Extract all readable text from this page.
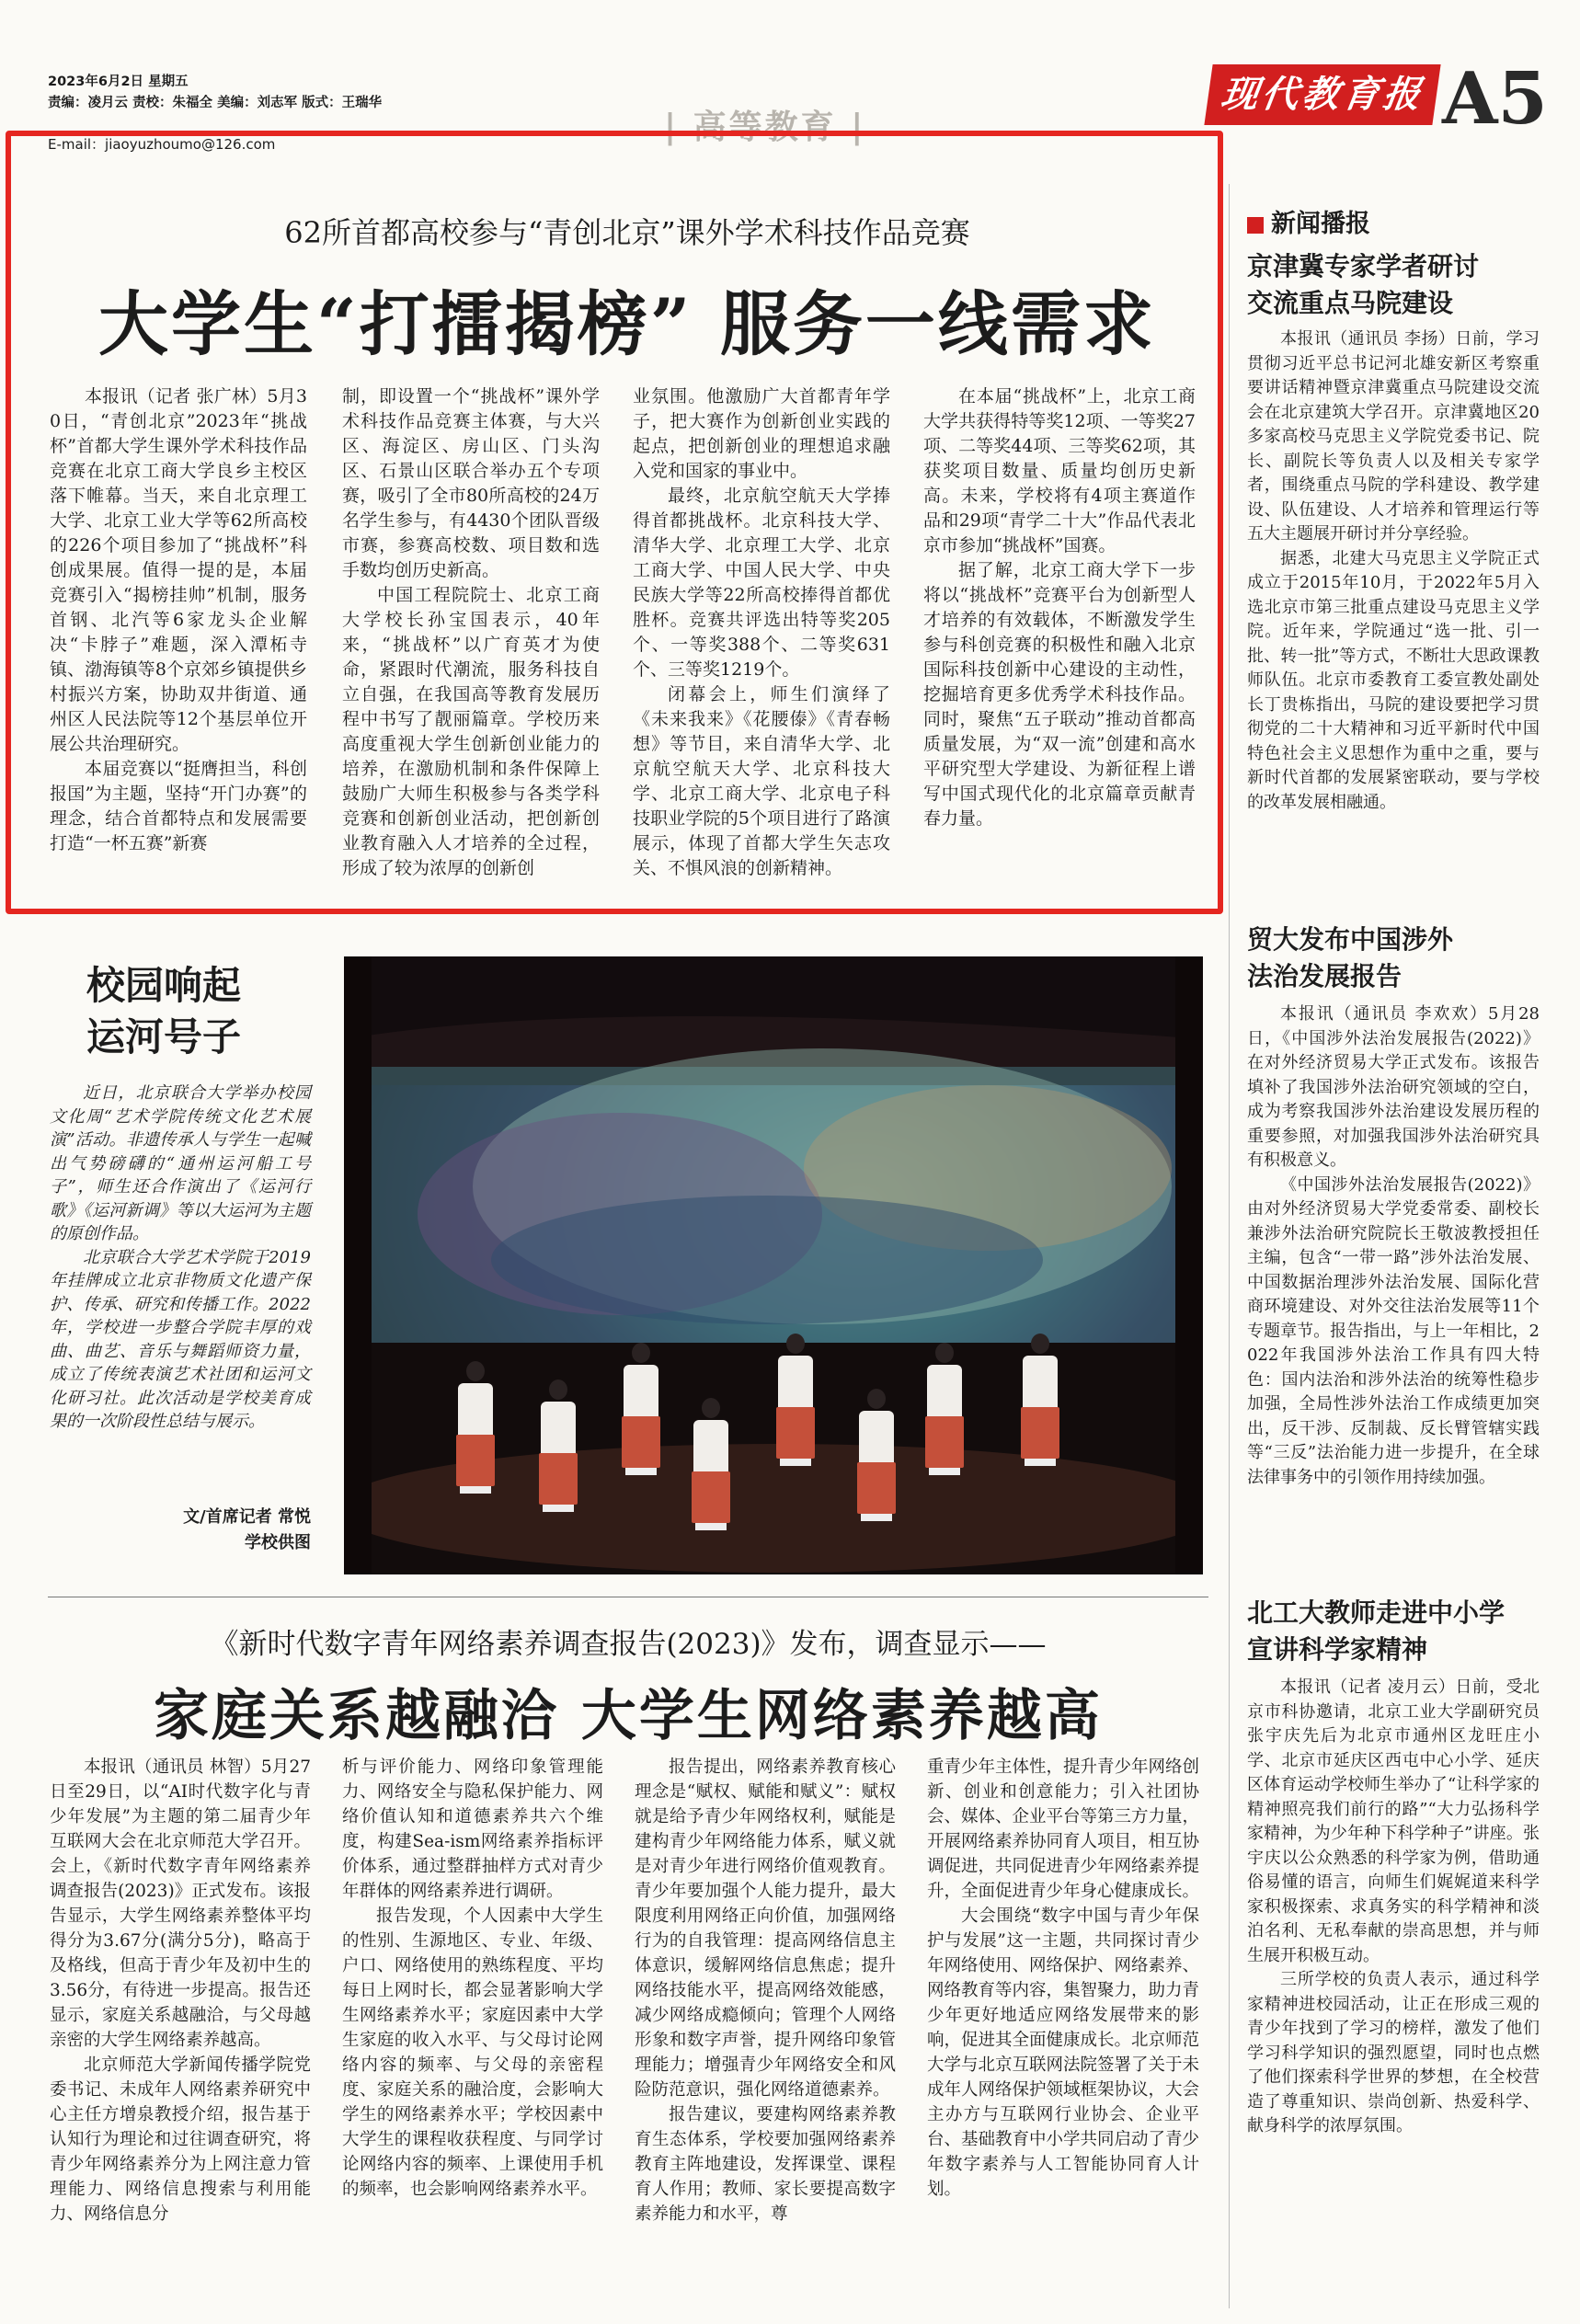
2023年6月2日 星期五
责编：凌月云 责校：朱福全 美编：刘志军 版式：王瑞华
E-mail：jiaoyuzhoumo@126.com	| 高等教育 |
现代教育报 A5
62所首都高校参与“青创北京”课外学术科技作品竞赛
大学生“打擂揭榜” 服务一线需求

本报讯（记者 张广林）5月30日，“青创北京”2023年“挑战杯”首都大学生课外学术科技作品竞赛在北京工商大学良乡主校区落下帷幕。当天，来自北京理工大学、北京工业大学等62所高校的226个项目参加了“挑战杯”科创成果展。值得一提的是，本届竞赛引入“揭榜挂帅”机制，服务首钢、北汽等6家龙头企业解决“卡脖子”难题，深入潭柘寺镇、渤海镇等8个京郊乡镇提供乡村振兴方案，协助双井街道、通州区人民法院等12个基层单位开展公共治理研究。

本届竞赛以“挺膺担当，科创报国”为主题，坚持“开门办赛”的理念，结合首都特点和发展需要打造“一杯五赛”新赛

制，即设置一个“挑战杯”课外学术科技作品竞赛主体赛，与大兴区、海淀区、房山区、门头沟区、石景山区联合举办五个专项赛，吸引了全市80所高校的24万名学生参与，有4430个团队晋级市赛，参赛高校数、项目数和选手数均创历史新高。

中国工程院院士、北京工商大学校长孙宝国表示，40年来，“挑战杯”以广育英才为使命，紧跟时代潮流，服务科技自立自强，在我国高等教育发展历程中书写了靓丽篇章。学校历来高度重视大学生创新创业能力的培养，在激励机制和条件保障上鼓励广大师生积极参与各类学科竞赛和创新创业活动，把创新创业教育融入人才培养的全过程，形成了较为浓厚的创新创

业氛围。他激励广大首都青年学子，把大赛作为创新创业实践的起点，把创新创业的理想追求融入党和国家的事业中。

最终，北京航空航天大学捧得首都挑战杯。北京科技大学、清华大学、北京理工大学、北京工商大学、中国人民大学、中央民族大学等22所高校捧得首都优胜杯。竞赛共评选出特等奖205个、一等奖388个、二等奖631个、三等奖1219个。

闭幕会上，师生们演绎了《未来我来》《花腰傣》《青春畅想》等节目，来自清华大学、北京航空航天大学、北京科技大学、北京工商大学、北京电子科技职业学院的5个项目进行了路演展示，体现了首都大学生矢志攻关、不惧风浪的创新精神。

在本届“挑战杯”上，北京工商大学共获得特等奖12项、一等奖27项、二等奖44项、三等奖62项，其获奖项目数量、质量均创历史新高。未来，学校将有4项主赛道作品和29项“青学二十大”作品代表北京市参加“挑战杯”国赛。

据了解，北京工商大学下一步将以“挑战杯”竞赛平台为创新型人才培养的有效载体，不断激发学生参与科创竞赛的积极性和融入北京国际科技创新中心建设的主动性，挖掘培育更多优秀学术科技作品。同时，聚焦“五子联动”推动首都高质量发展，为“双一流”创建和高水平研究型大学建设、为新征程上谱写中国式现代化的北京篇章贡献青春力量。

校园响起
运河号子

近日，北京联合大学举办校园文化周“艺术学院传统文化艺术展演”活动。非遗传承人与学生一起喊出气势磅礴的“通州运河船工号子”，师生还合作演出了《运河行歌》《运河新调》等以大运河为主题的原创作品。

北京联合大学艺术学院于2019年挂牌成立北京非物质文化遗产保护、传承、研究和传播工作。2022年，学校进一步整合学院丰厚的戏曲、曲艺、音乐与舞蹈师资力量，成立了传统表演艺术社团和运河文化研习社。此次活动是学校美育成果的一次阶段性总结与展示。

文/首席记者 常悦
学校供图
《新时代数字青年网络素养调查报告(2023)》发布，调查显示——
家庭关系越融洽 大学生网络素养越高

本报讯（通讯员 林智）5月27日至29日，以“AI时代数字化与青少年发展”为主题的第二届青少年互联网大会在北京师范大学召开。会上，《新时代数字青年网络素养调查报告(2023)》正式发布。该报告显示，大学生网络素养整体平均得分为3.67分(满分5分)，略高于及格线，但高于青少年及初中生的3.56分，有待进一步提高。报告还显示，家庭关系越融洽，与父母越亲密的大学生网络素养越高。

北京师范大学新闻传播学院党委书记、未成年人网络素养研究中心主任方增泉教授介绍，报告基于认知行为理论和过往调查研究，将青少年网络素养分为上网注意力管理能力、网络信息搜索与利用能力、网络信息分

析与评价能力、网络印象管理能力、网络安全与隐私保护能力、网络价值认知和道德素养共六个维度，构建Sea-ism网络素养指标评价体系，通过整群抽样方式对青少年群体的网络素养进行调研。

报告发现，个人因素中大学生的性别、生源地区、专业、年级、户口、网络使用的熟练程度、平均每日上网时长，都会显著影响大学生网络素养水平；家庭因素中大学生家庭的收入水平、与父母讨论网络内容的频率、与父母的亲密程度、家庭关系的融洽度，会影响大学生的网络素养水平；学校因素中大学生的课程收获程度、与同学讨论网络内容的频率、上课使用手机的频率，也会影响网络素养水平。

报告提出，网络素养教育核心理念是“赋权、赋能和赋义”：赋权就是给予青少年网络权利，赋能是建构青少年网络能力体系，赋义就是对青少年进行网络价值观教育。青少年要加强个人能力提升，最大限度利用网络正向价值，加强网络行为的自我管理：提高网络信息主体意识，缓解网络信息焦虑；提升网络技能水平，提高网络效能感，减少网络成瘾倾向；管理个人网络形象和数字声誉，提升网络印象管理能力；增强青少年网络安全和风险防范意识，强化网络道德素养。

报告建议，要建构网络素养教育生态体系，学校要加强网络素养教育主阵地建设，发挥课堂、课程育人作用；教师、家长要提高数字素养能力和水平，尊

重青少年主体性，提升青少年网络创新、创业和创意能力；引入社团协会、媒体、企业平台等第三方力量，开展网络素养协同育人项目，相互协调促进，共同促进青少年网络素养提升，全面促进青少年身心健康成长。

大会围绕“数字中国与青少年保护与发展”这一主题，共同探讨青少年网络使用、网络保护、网络素养、网络教育等内容，集智聚力，助力青少年更好地适应网络发展带来的影响，促进其全面健康成长。北京师范大学与北京互联网法院签署了关于未成年人网络保护领域框架协议，大会主办方与互联网行业协会、企业平台、基础教育中小学共同启动了青少年数字素养与人工智能协同育人计划。

新闻播报
京津冀专家学者研讨
交流重点马院建设

本报讯（通讯员 李扬）日前，学习贯彻习近平总书记河北雄安新区考察重要讲话精神暨京津冀重点马院建设交流会在北京建筑大学召开。京津冀地区20多家高校马克思主义学院党委书记、院长、副院长等负责人以及相关专家学者，围绕重点马院的学科建设、教学建设、队伍建设、人才培养和管理运行等五大主题展开研讨并分享经验。

据悉，北建大马克思主义学院正式成立于2015年10月，于2022年5月入选北京市第三批重点建设马克思主义学院。近年来，学院通过“选一批、引一批、转一批”等方式，不断壮大思政课教师队伍。北京市委教育工委宣教处副处长丁贵栋指出，马院的建设要把学习贯彻党的二十大精神和习近平新时代中国特色社会主义思想作为重中之重，要与新时代首都的发展紧密联动，要与学校的改革发展相融通。

贸大发布中国涉外
法治发展报告

本报讯（通讯员 李欢欢）5月28日，《中国涉外法治发展报告(2022)》在对外经济贸易大学正式发布。该报告填补了我国涉外法治研究领域的空白，成为考察我国涉外法治建设发展历程的重要参照，对加强我国涉外法治研究具有积极意义。

《中国涉外法治发展报告(2022)》由对外经济贸易大学党委常委、副校长兼涉外法治研究院院长王敬波教授担任主编，包含“一带一路”涉外法治发展、中国数据治理涉外法治发展、国际化营商环境建设、对外交往法治发展等11个专题章节。报告指出，与上一年相比，2022年我国涉外法治工作具有四大特色：国内法治和涉外法治的统筹性稳步加强，全局性涉外法治工作成绩更加突出，反干涉、反制裁、反长臂管辖实践等“三反”法治能力进一步提升，在全球法律事务中的引领作用持续加强。

北工大教师走进中小学
宣讲科学家精神

本报讯（记者 凌月云）日前，受北京市科协邀请，北京工业大学副研究员张宇庆先后为北京市通州区龙旺庄小学、北京市延庆区西屯中心小学、延庆区体育运动学校师生举办了“让科学家的精神照亮我们前行的路”“大力弘扬科学家精神，为少年种下科学种子”讲座。张宇庆以公众熟悉的科学家为例，借助通俗易懂的语言，向师生们娓娓道来科学家积极探索、求真务实的科学精神和淡泊名利、无私奉献的崇高思想，并与师生展开积极互动。

三所学校的负责人表示，通过科学家精神进校园活动，让正在形成三观的青少年找到了学习的榜样，激发了他们学习科学知识的强烈愿望，同时也点燃了他们探索科学世界的梦想，在全校营造了尊重知识、崇尚创新、热爱科学、献身科学的浓厚氛围。
